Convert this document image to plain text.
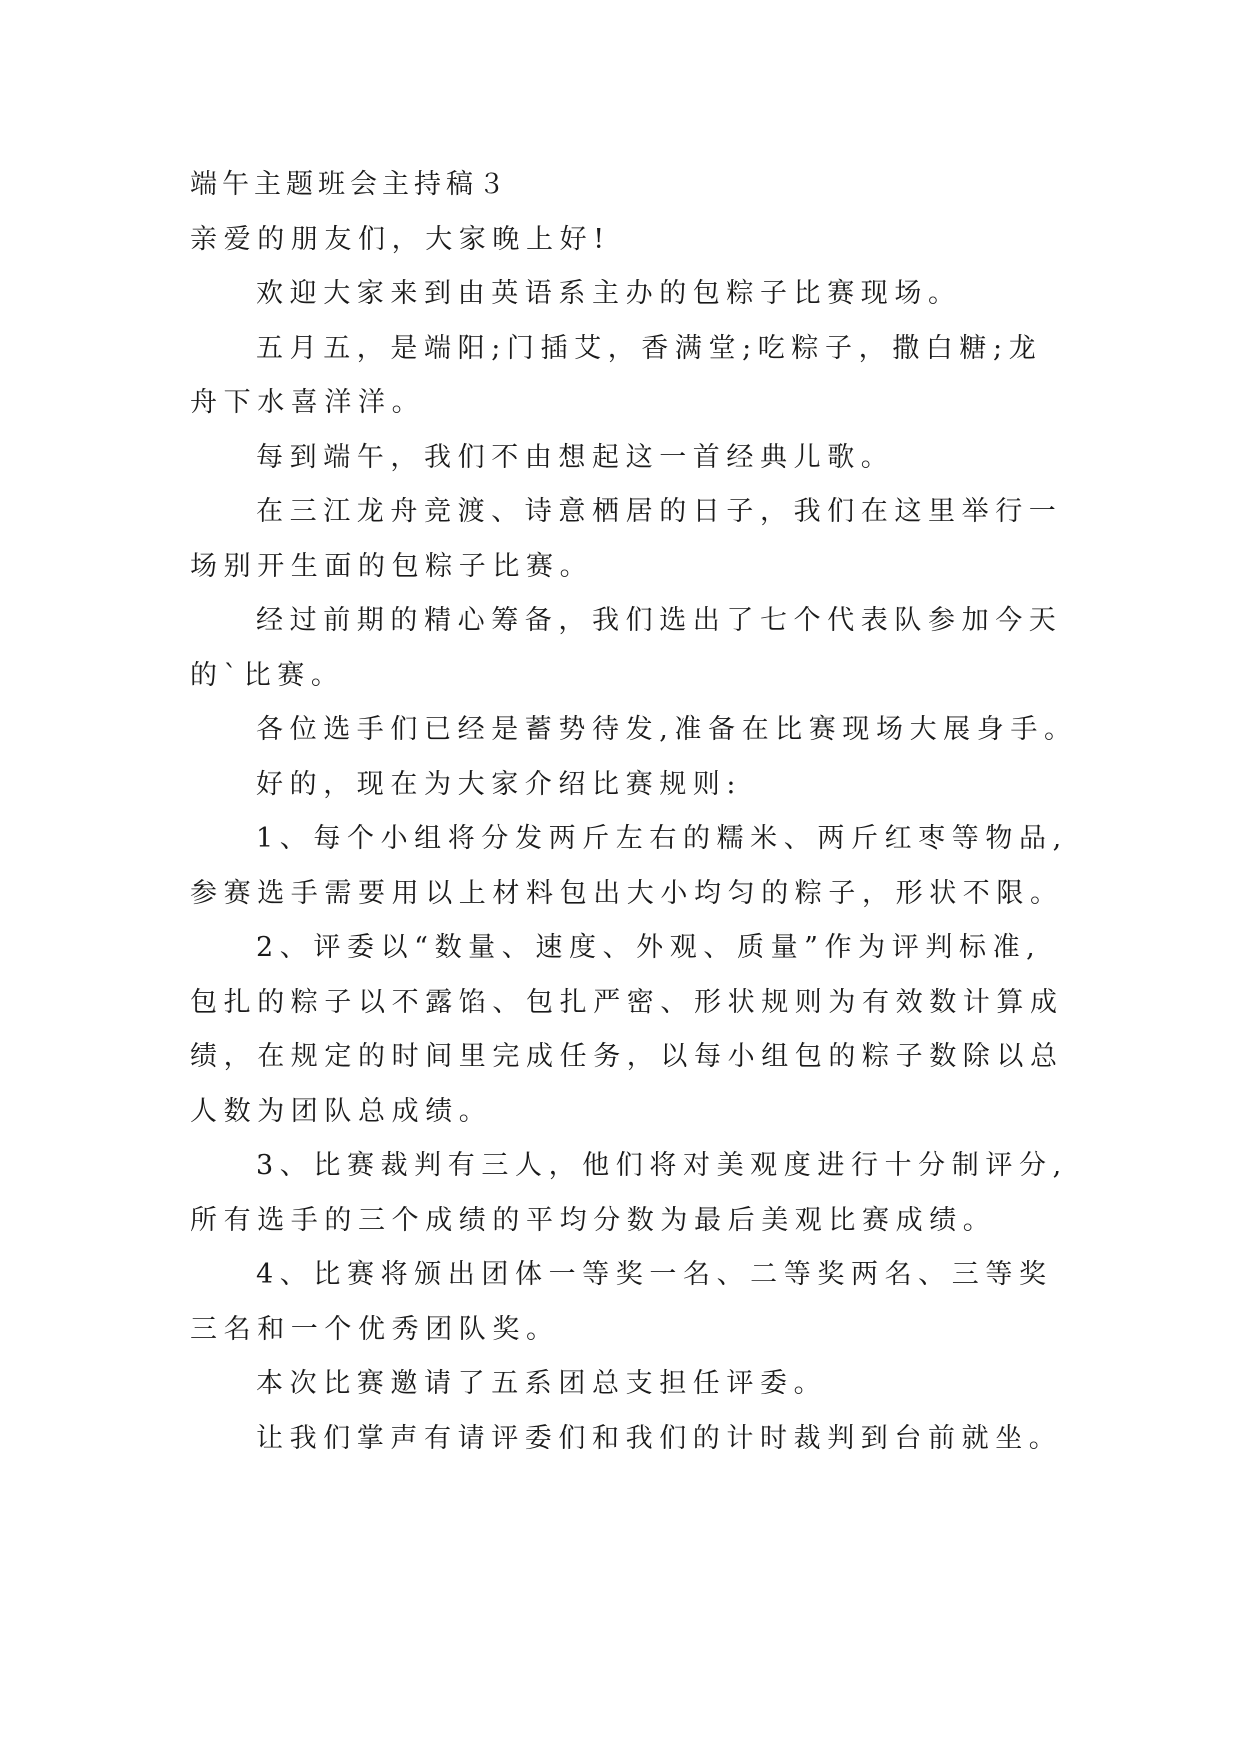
端午主题班会主持稿３
亲爱的朋友们，大家晚上好!
欢迎大家来到由英语系主办的包粽子比赛现场。
五月五，是端阳;门插艾，香满堂;吃粽子，撒白糖;龙
舟下水喜洋洋。
每到端午，我们不由想起这一首经典儿歌。
在三江龙舟竞渡、诗意栖居的日子，我们在这里举行一
场别开生面的包粽子比赛。
经过前期的精心筹备，我们选出了七个代表队参加今天
的`比赛。
各位选手们已经是蓄势待发,准备在比赛现场大展身手。
好的，现在为大家介绍比赛规则:
1、每个小组将分发两斤左右的糯米、两斤红枣等物品,
参赛选手需要用以上材料包出大小均匀的粽子，形状不限。
2、评委以“数量、速度、外观、质量”作为评判标准,
包扎的粽子以不露馅、包扎严密、形状规则为有效数计算成
绩，在规定的时间里完成任务，以每小组包的粽子数除以总
人数为团队总成绩。
3、比赛裁判有三人，他们将对美观度进行十分制评分,
所有选手的三个成绩的平均分数为最后美观比赛成绩。
4、比赛将颁出团体一等奖一名、二等奖两名、三等奖
三名和一个优秀团队奖。
本次比赛邀请了五系团总支担任评委。
让我们掌声有请评委们和我们的计时裁判到台前就坐。
